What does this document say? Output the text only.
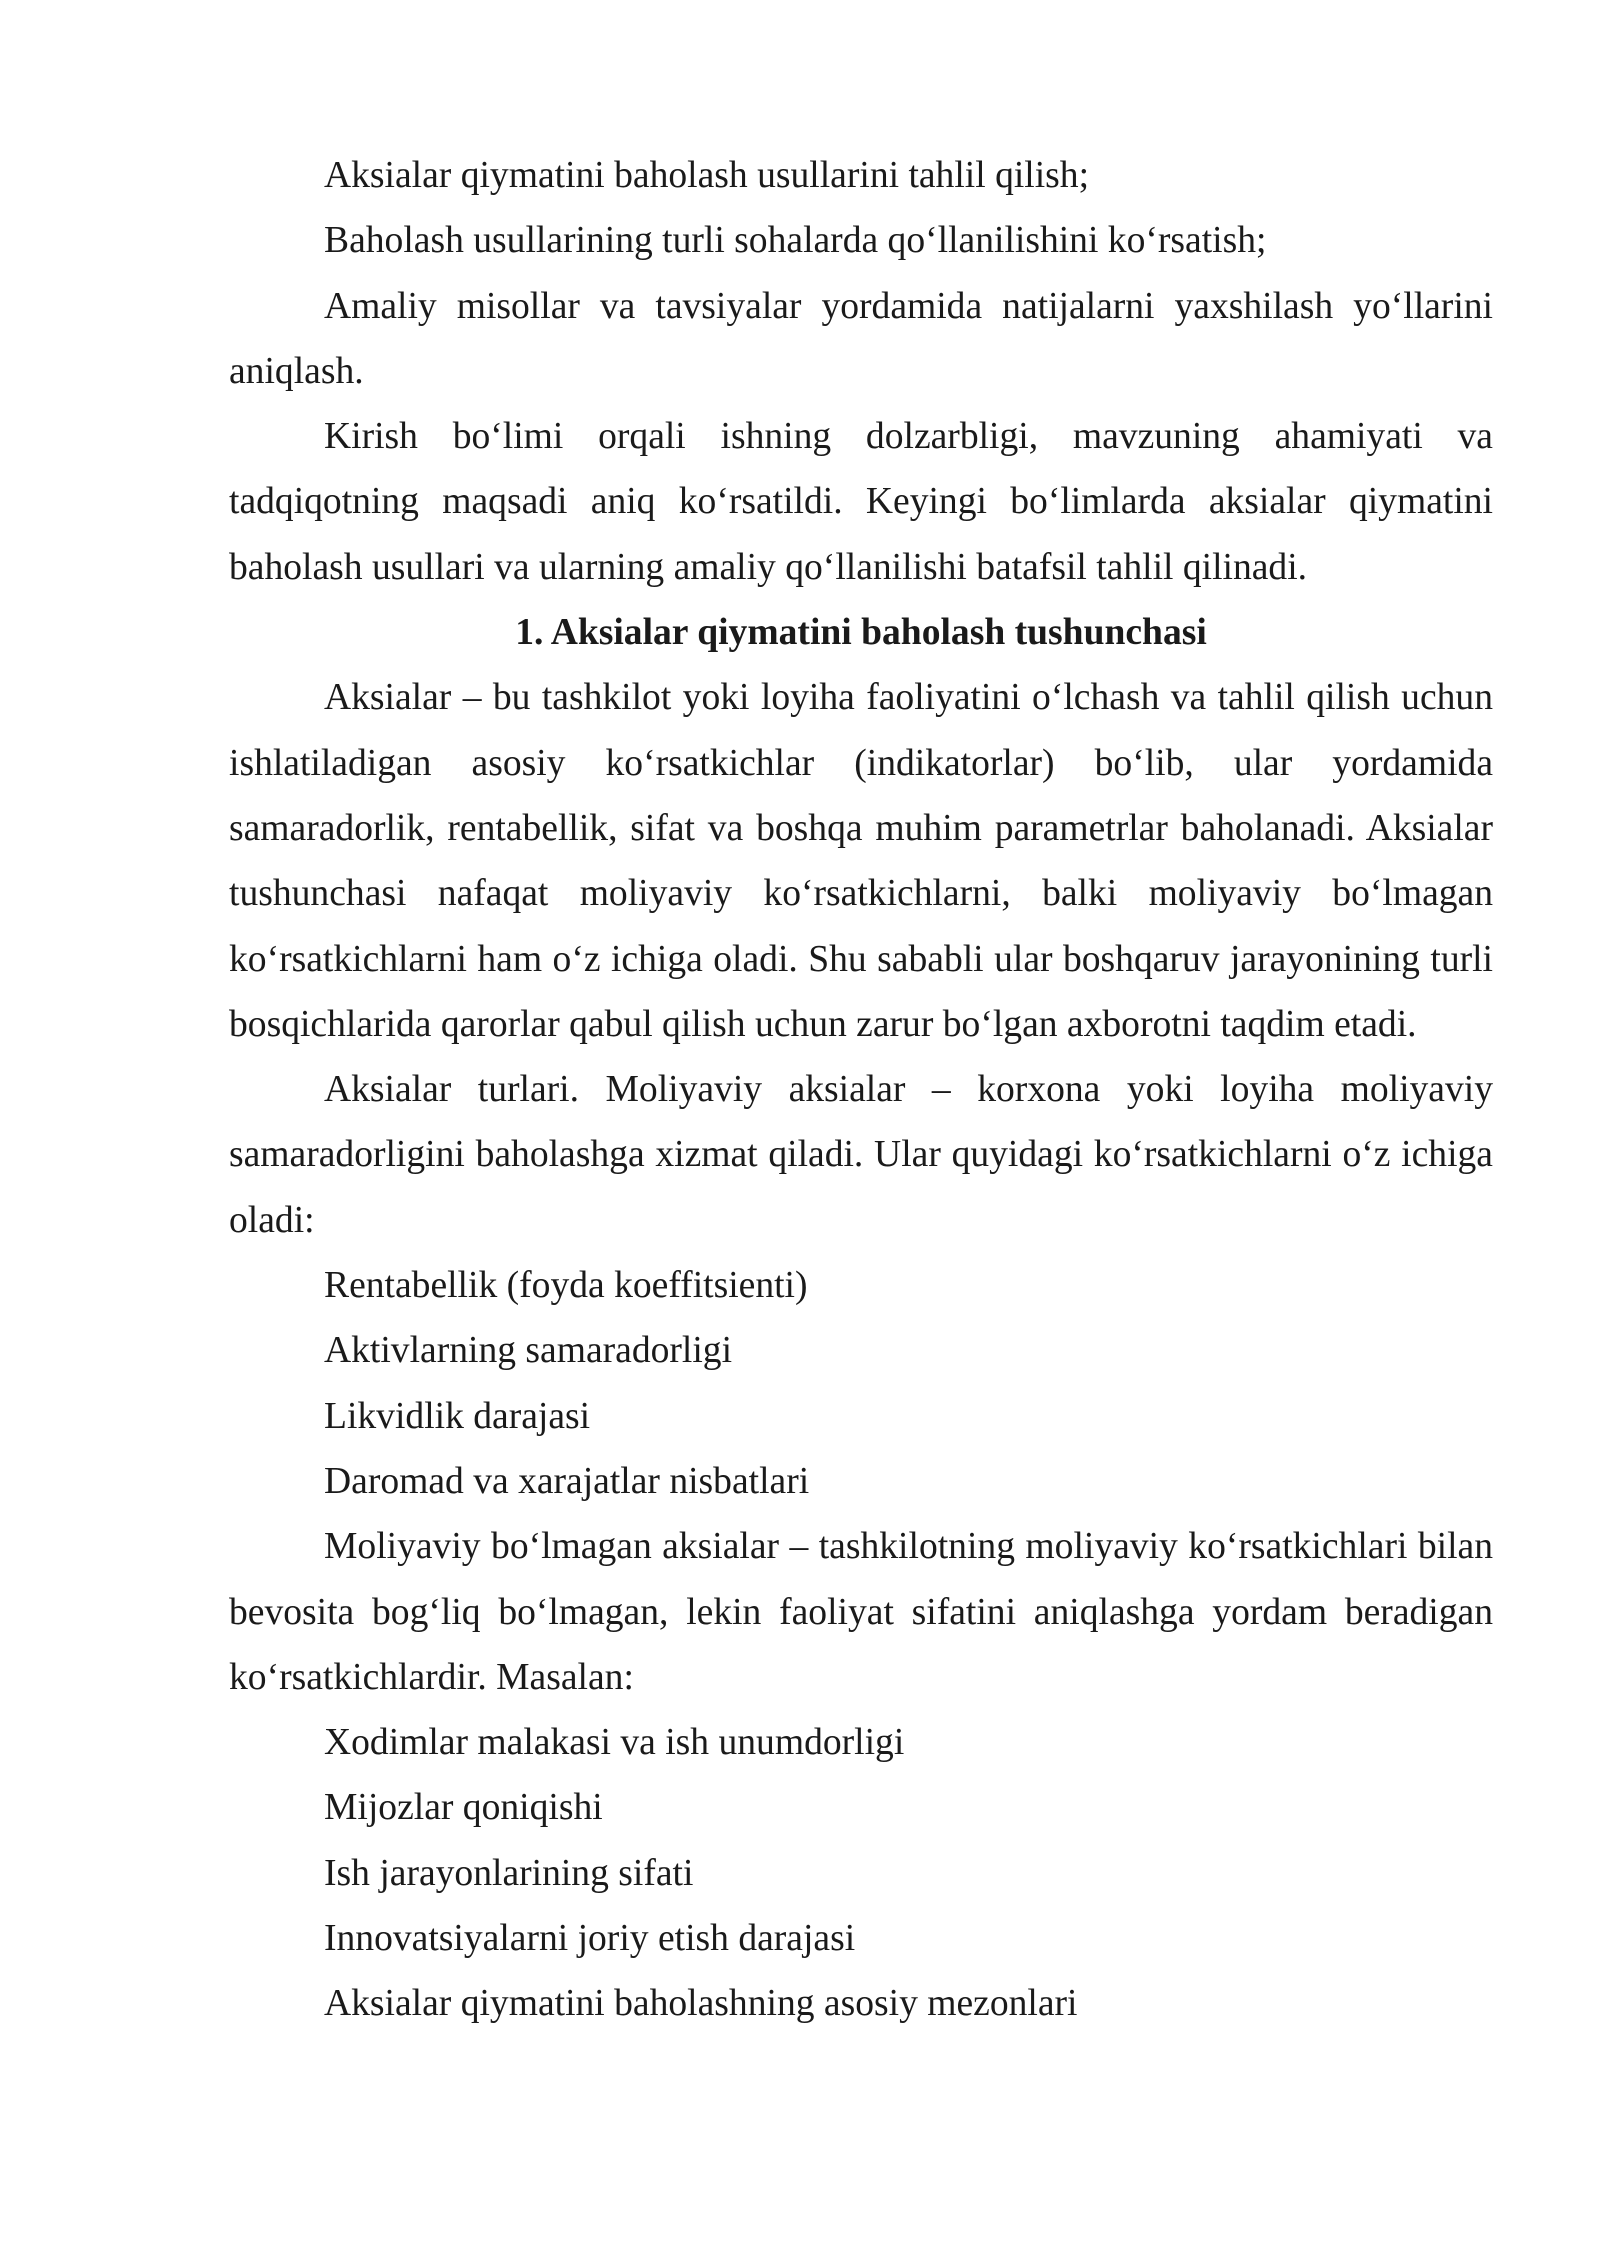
Aksialar qiymatini baholash usullarini tahlil qilish;

Baholash usullarining turli sohalarda qo‘llanilishini ko‘rsatish;

Amaliy misollar va tavsiyalar yordamida natijalarni yaxshilash yo‘llarini aniqlash.

Kirish bo‘limi orqali ishning dolzarbligi, mavzuning ahamiyati va tadqiqotning maqsadi aniq ko‘rsatildi. Keyingi bo‘limlarda aksialar qiymatini baholash usullari va ularning amaliy qo‘llanilishi batafsil tahlil qilinadi.

1. Aksialar qiymatini baholash tushunchasi

Aksialar – bu tashkilot yoki loyiha faoliyatini o‘lchash va tahlil qilish uchun ishlatiladigan asosiy ko‘rsatkichlar (indikatorlar) bo‘lib, ular yordamida samaradorlik, rentabellik, sifat va boshqa muhim parametrlar baholanadi. Aksialar tushunchasi nafaqat moliyaviy ko‘rsatkichlarni, balki moliyaviy bo‘lmagan ko‘rsatkichlarni ham o‘z ichiga oladi. Shu sababli ular boshqaruv jarayonining turli bosqichlarida qarorlar qabul qilish uchun zarur bo‘lgan axborotni taqdim etadi.

Aksialar turlari. Moliyaviy aksialar – korxona yoki loyiha moliyaviy samaradorligini baholashga xizmat qiladi. Ular quyidagi ko‘rsatkichlarni o‘z ichiga oladi:

Rentabellik (foyda koeffitsienti)

Aktivlarning samaradorligi

Likvidlik darajasi

Daromad va xarajatlar nisbatlari

Moliyaviy bo‘lmagan aksialar – tashkilotning moliyaviy ko‘rsatkichlari bilan bevosita bog‘liq bo‘lmagan, lekin faoliyat sifatini aniqlashga yordam beradigan ko‘rsatkichlardir. Masalan:

Xodimlar malakasi va ish unumdorligi

Mijozlar qoniqishi

Ish jarayonlarining sifati

Innovatsiyalarni joriy etish darajasi

Aksialar qiymatini baholashning asosiy mezonlari
